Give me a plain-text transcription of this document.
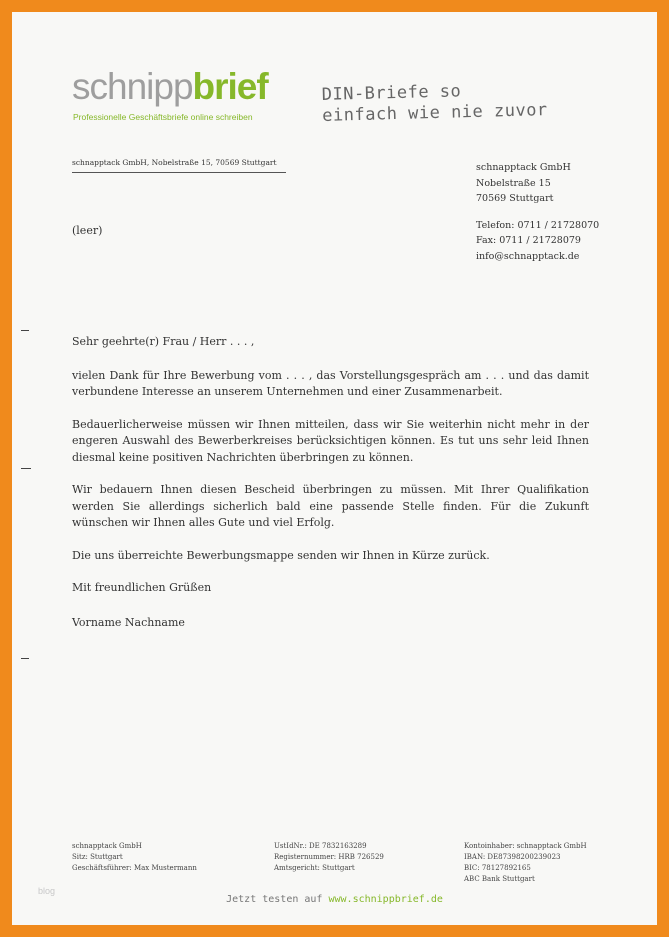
schnippbrief
Professionelle Geschäftsbriefe online schreiben
DIN-Briefe so
einfach wie nie zuvor
schnapptack GmbH, Nobelstraße 15, 70569 Stuttgart
(leer)
schnapptack GmbH
Nobelstraße 15
70569 Stuttgart
Telefon: 0711 / 21728070
Fax: 0711 / 21728079
info@schnapptack.de

Sehr geehrte(r) Frau / Herr . . . ,

vielen Dank für Ihre Bewerbung vom . . . , das Vorstellungsgespräch am . . . und das damit verbundene Interesse an unserem Unternehmen und einer Zusammenarbeit.

Bedauerlicherweise müssen wir Ihnen mitteilen, dass wir Sie weiterhin nicht mehr in der engeren Auswahl des Bewerberkreises berücksichtigen können. Es tut uns sehr leid Ihnen diesmal keine positiven Nachrichten überbringen zu können.

Wir bedauern Ihnen diesen Bescheid überbringen zu müssen. Mit Ihrer Qualifikation werden Sie allerdings sicherlich bald eine passende Stelle finden. Für die Zukunft wünschen wir Ihnen alles Gute und viel Erfolg.

Die uns überreichte Bewerbungsmappe senden wir Ihnen in Kürze zurück.

Mit freundlichen Grüßen

Vorname Nachname

schnapptack GmbH
Sitz: Stuttgart
Geschäftsführer: Max Mustermann
UstIdNr.: DE 7832163289
Registernummer: HRB 726529
Amtsgericht: Stuttgart
Kontoinhaber: schnapptack GmbH
IBAN: DE87398200239023
BIC: 78127892165
ABC Bank Stuttgart
blog
Jetzt testen auf www.schnippbrief.de
